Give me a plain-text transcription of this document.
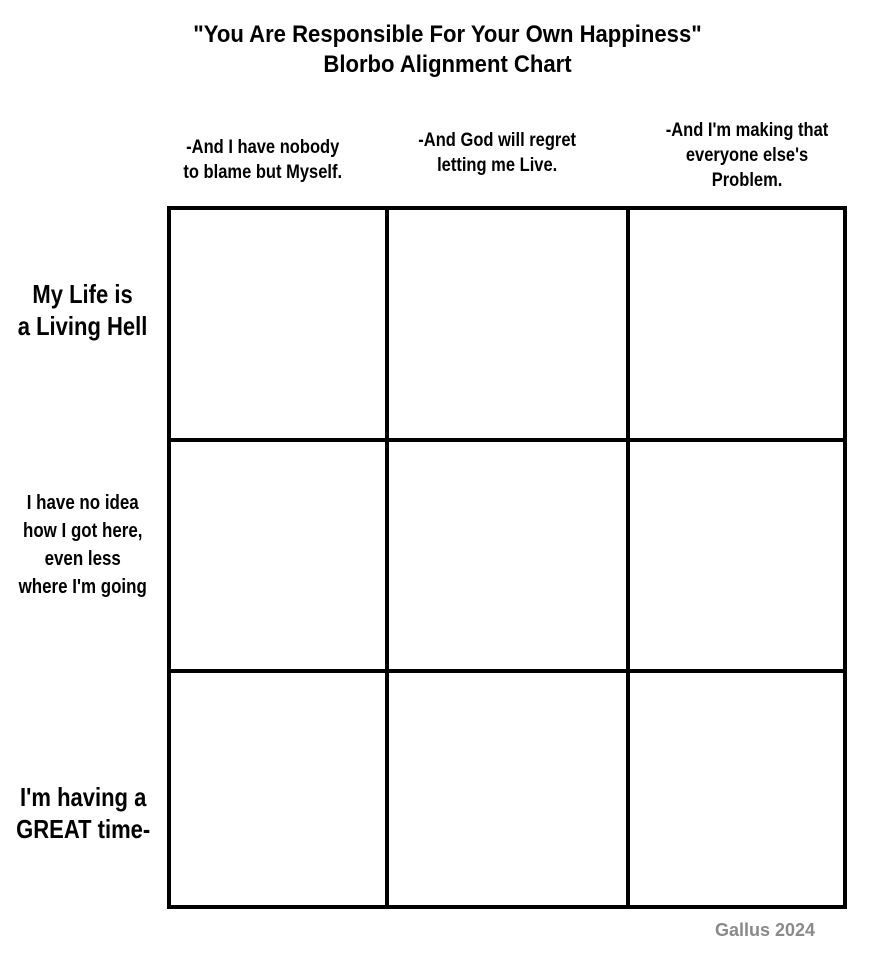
"You Are Responsible For Your Own Happiness"
Blorbo Alignment Chart
-And I have nobody
to blame but Myself.
-And God will regret
letting me Live.
-And I'm making that
everyone else's
Problem.
My Life is
a Living Hell
I have no idea
how I got here,
even less
where I'm going
I'm having a
GREAT time-
Gallus 2024
